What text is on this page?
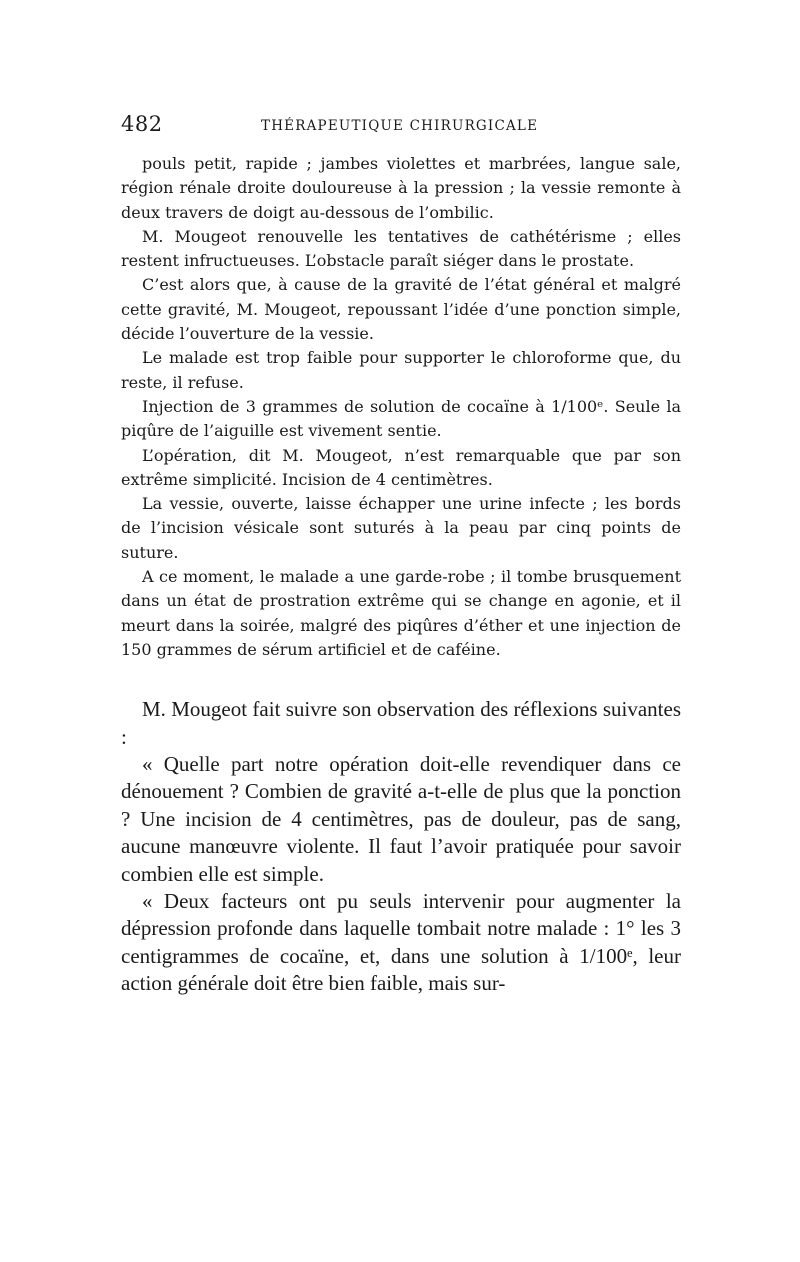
482	THÉRAPEUTIQUE CHIRURGICALE

pouls petit, rapide ; jambes violettes et marbrées, langue sale, région rénale droite douloureuse à la pression ; la vessie remonte à deux travers de doigt au-dessous de l’ombilic.

M. Mougeot renouvelle les tentatives de cathétérisme ; elles restent infructueuses. L’obstacle paraît siéger dans le prostate.

C’est alors que, à cause de la gravité de l’état général et malgré cette gravité, M. Mougeot, repoussant l’idée d’une ponction simple, décide l’ouverture de la vessie.

Le malade est trop faible pour supporter le chloroforme que, du reste, il refuse.

Injection de 3 grammes de solution de cocaïne à 1/100ᵉ. Seule la piqûre de l’aiguille est vivement sentie.

L’opération, dit M. Mougeot, n’est remarquable que par son extrême simplicité. Incision de 4 centimètres.

La vessie, ouverte, laisse échapper une urine infecte ; les bords de l’incision vésicale sont suturés à la peau par cinq points de suture.

A ce moment, le malade a une garde-robe ; il tombe brusquement dans un état de prostration extrême qui se change en agonie, et il meurt dans la soirée, malgré des piqûres d’éther et une injection de 150 grammes de sérum artificiel et de caféine.

M. Mougeot fait suivre son observation des réflexions suivantes :

« Quelle part notre opération doit-elle revendiquer dans ce dénouement ? Combien de gravité a-t-elle de plus que la ponction ? Une incision de 4 centimètres, pas de douleur, pas de sang, aucune manœuvre violente. Il faut l’avoir pratiquée pour savoir combien elle est simple.

« Deux facteurs ont pu seuls intervenir pour augmenter la dépression profonde dans laquelle tombait notre malade : 1° les 3 centigrammes de cocaïne, et, dans une solution à 1/100ᵉ, leur action générale doit être bien faible, mais sur-
